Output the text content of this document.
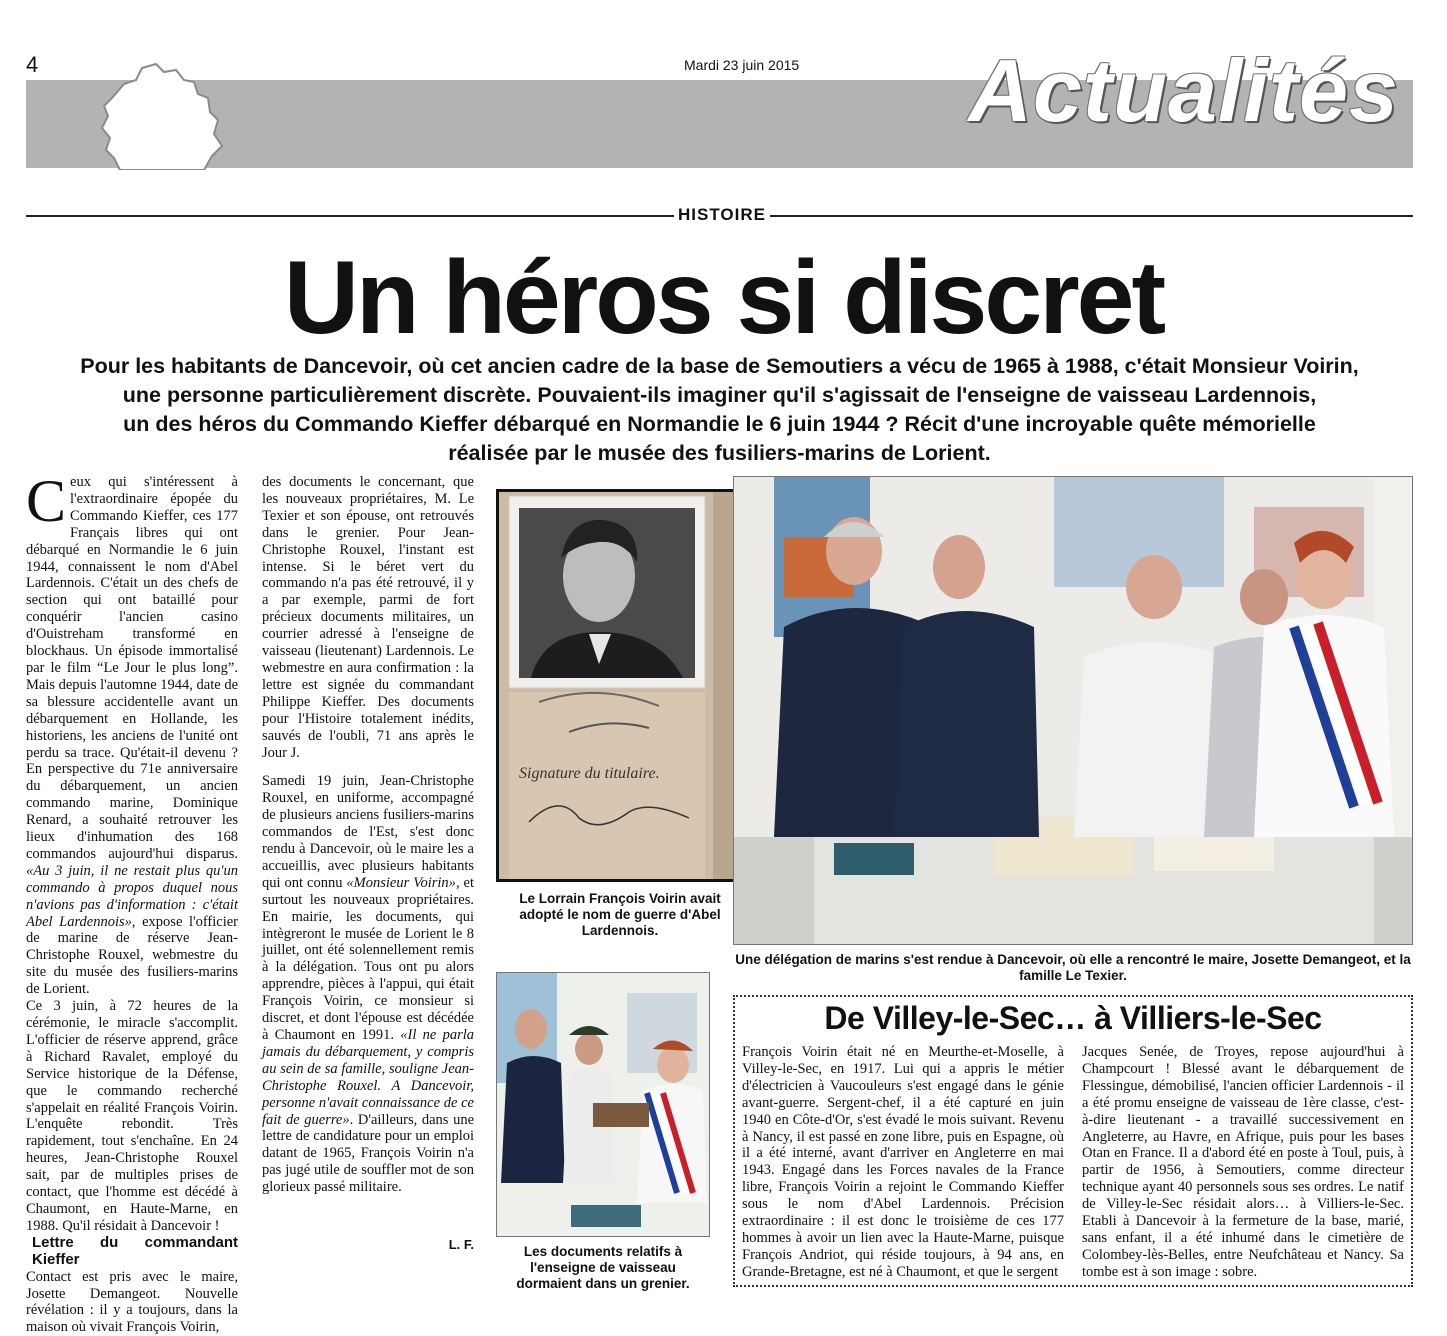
4	Mardi 23 juin 2015 Actualités
HISTOIRE
Un héros si discret
Pour les habitants de Dancevoir, où cet ancien cadre de la base de Semoutiers a vécu de 1965 à 1988, c'était Monsieur Voirin,
une personne particulièrement discrète. Pouvaient-ils imaginer qu'il s'agissait de l'enseigne de vaisseau Lardennois,
un des héros du Commando Kieffer débarqué en Normandie le 6 juin 1944 ? Récit d'une incroyable quête mémorielle
réalisée par le musée des fusiliers-marins de Lorient.

Ceux qui s'intéressent à l'extraordinaire épopée du Commando Kieffer, ces 177 Français libres qui ont débarqué en Normandie le 6 juin 1944, connaissent le nom d'Abel Lardennois. C'était un des chefs de section qui ont bataillé pour conquérir l'ancien casino d'Ouistreham transformé en blockhaus. Un épisode immortalisé par le film “Le Jour le plus long”. Mais depuis l'automne 1944, date de sa blessure accidentelle avant un débarquement en Hollande, les historiens, les anciens de l'unité ont perdu sa trace. Qu'était-il devenu ? En perspective du 71e anniversaire du débarquement, un ancien commando marine, Dominique Renard, a souhaité retrouver les lieux d'inhumation des 168 commandos aujourd'hui disparus. «Au 3 juin, il ne restait plus qu'un commando à propos duquel nous n'avions pas d'information : c'était Abel Lardennois», expose l'officier de marine de réserve Jean-Christophe Rouxel, webmestre du site du musée des fusiliers-marins de Lorient.

Ce 3 juin, à 72 heures de la cérémonie, le miracle s'accomplit. L'officier de réserve apprend, grâce à Richard Ravalet, employé du Service historique de la Défense, que le commando recherché s'appelait en réalité François Voirin. L'enquête rebondit. Très rapidement, tout s'enchaîne. En 24 heures, Jean-Christophe Rouxel sait, par de multiples prises de contact, que l'homme est décédé à Chaumont, en Haute-Marne, en 1988. Qu'il résidait à Dancevoir !

Lettre du commandant Kieffer

Contact est pris avec le maire, Josette Demangeot. Nouvelle révélation : il y a toujours, dans la maison où vivait François Voirin,

des documents le concernant, que les nouveaux propriétaires, M. Le Texier et son épouse, ont retrouvés dans le grenier. Pour Jean-Christophe Rouxel, l'instant est intense. Si le béret vert du commando n'a pas été retrouvé, il y a par exemple, parmi de fort précieux documents militaires, un courrier adressé à l'enseigne de vaisseau (lieutenant) Lardennois. Le webmestre en aura confirmation : la lettre est signée du commandant Philippe Kieffer. Des documents pour l'Histoire totalement inédits, sauvés de l'oubli, 71 ans après le Jour J.

Samedi 19 juin, Jean-Christophe Rouxel, en uniforme, accompagné de plusieurs anciens fusiliers-marins commandos de l'Est, s'est donc rendu à Dancevoir, où le maire les a accueillis, avec plusieurs habitants qui ont connu «Monsieur Voirin», et surtout les nouveaux propriétaires. En mairie, les documents, qui intègreront le musée de Lorient le 8 juillet, ont été solennellement remis à la délégation. Tous ont pu alors apprendre, pièces à l'appui, qui était François Voirin, ce monsieur si discret, et dont l'épouse est décédée à Chaumont en 1991. «Il ne parla jamais du débarquement, y compris au sein de sa famille, souligne Jean-Christophe Rouxel. A Dancevoir, personne n'avait connaissance de ce fait de guerre». D'ailleurs, dans une lettre de candidature pour un emploi datant de 1965, François Voirin n'a pas jugé utile de souffler mot de son glorieux passé militaire.

L. F.
Signature du titulaire.
Le Lorrain François Voirin avait adopté le nom de guerre d'Abel Lardennois.
Une délégation de marins s'est rendue à Dancevoir, où elle a rencontré le maire, Josette Demangeot, et la famille Le Texier.
Les documents relatifs à l'enseigne de vaisseau dormaient dans un grenier.
De Villey-le-Sec… à Villiers-le-Sec
François Voirin était né en Meurthe-et-Moselle, à Villey-le-Sec, en 1917. Lui qui a appris le métier d'électricien à Vaucouleurs s'est engagé dans le génie avant-guerre. Sergent-chef, il a été capturé en juin 1940 en Côte-d'Or, s'est évadé le mois suivant. Revenu à Nancy, il est passé en zone libre, puis en Espagne, où il a été interné, avant d'arriver en Angleterre en mai 1943. Engagé dans les Forces navales de la France libre, François Voirin a rejoint le Commando Kieffer sous le nom d'Abel Lardennois. Précision extraordinaire : il est donc le troisième de ces 177 hommes à avoir un lien avec la Haute-Marne, puisque François Andriot, qui réside toujours, à 94 ans, en Grande-Bretagne, est né à Chaumont, et que le sergent
Jacques Senée, de Troyes, repose aujourd'hui à Champcourt ! Blessé avant le débarquement de Flessingue, démobilisé, l'ancien officier Lardennois - il a été promu enseigne de vaisseau de 1ère classe, c'est-à-dire lieutenant - a travaillé successivement en Angleterre, au Havre, en Afrique, puis pour les bases Otan en France. Il a d'abord été en poste à Toul, puis, à partir de 1956, à Semoutiers, comme directeur technique ayant 40 personnels sous ses ordres. Le natif de Villey-le-Sec résidait alors… à Villiers-le-Sec. Etabli à Dancevoir à la fermeture de la base, marié, sans enfant, il a été inhumé dans le cimetière de Colombey-lès-Belles, entre Neufchâteau et Nancy. Sa tombe est à son image : sobre.
